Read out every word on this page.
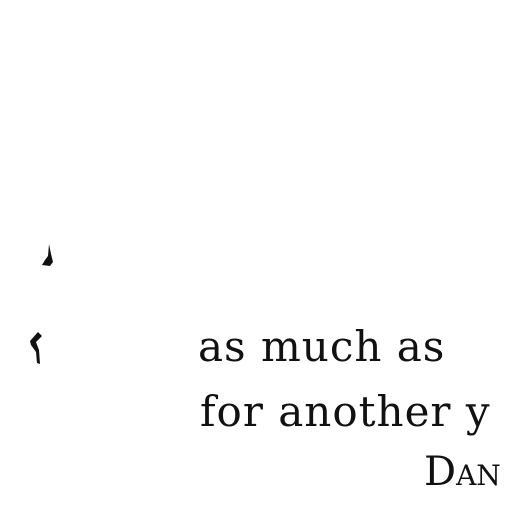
as much as
for another y
Dan
